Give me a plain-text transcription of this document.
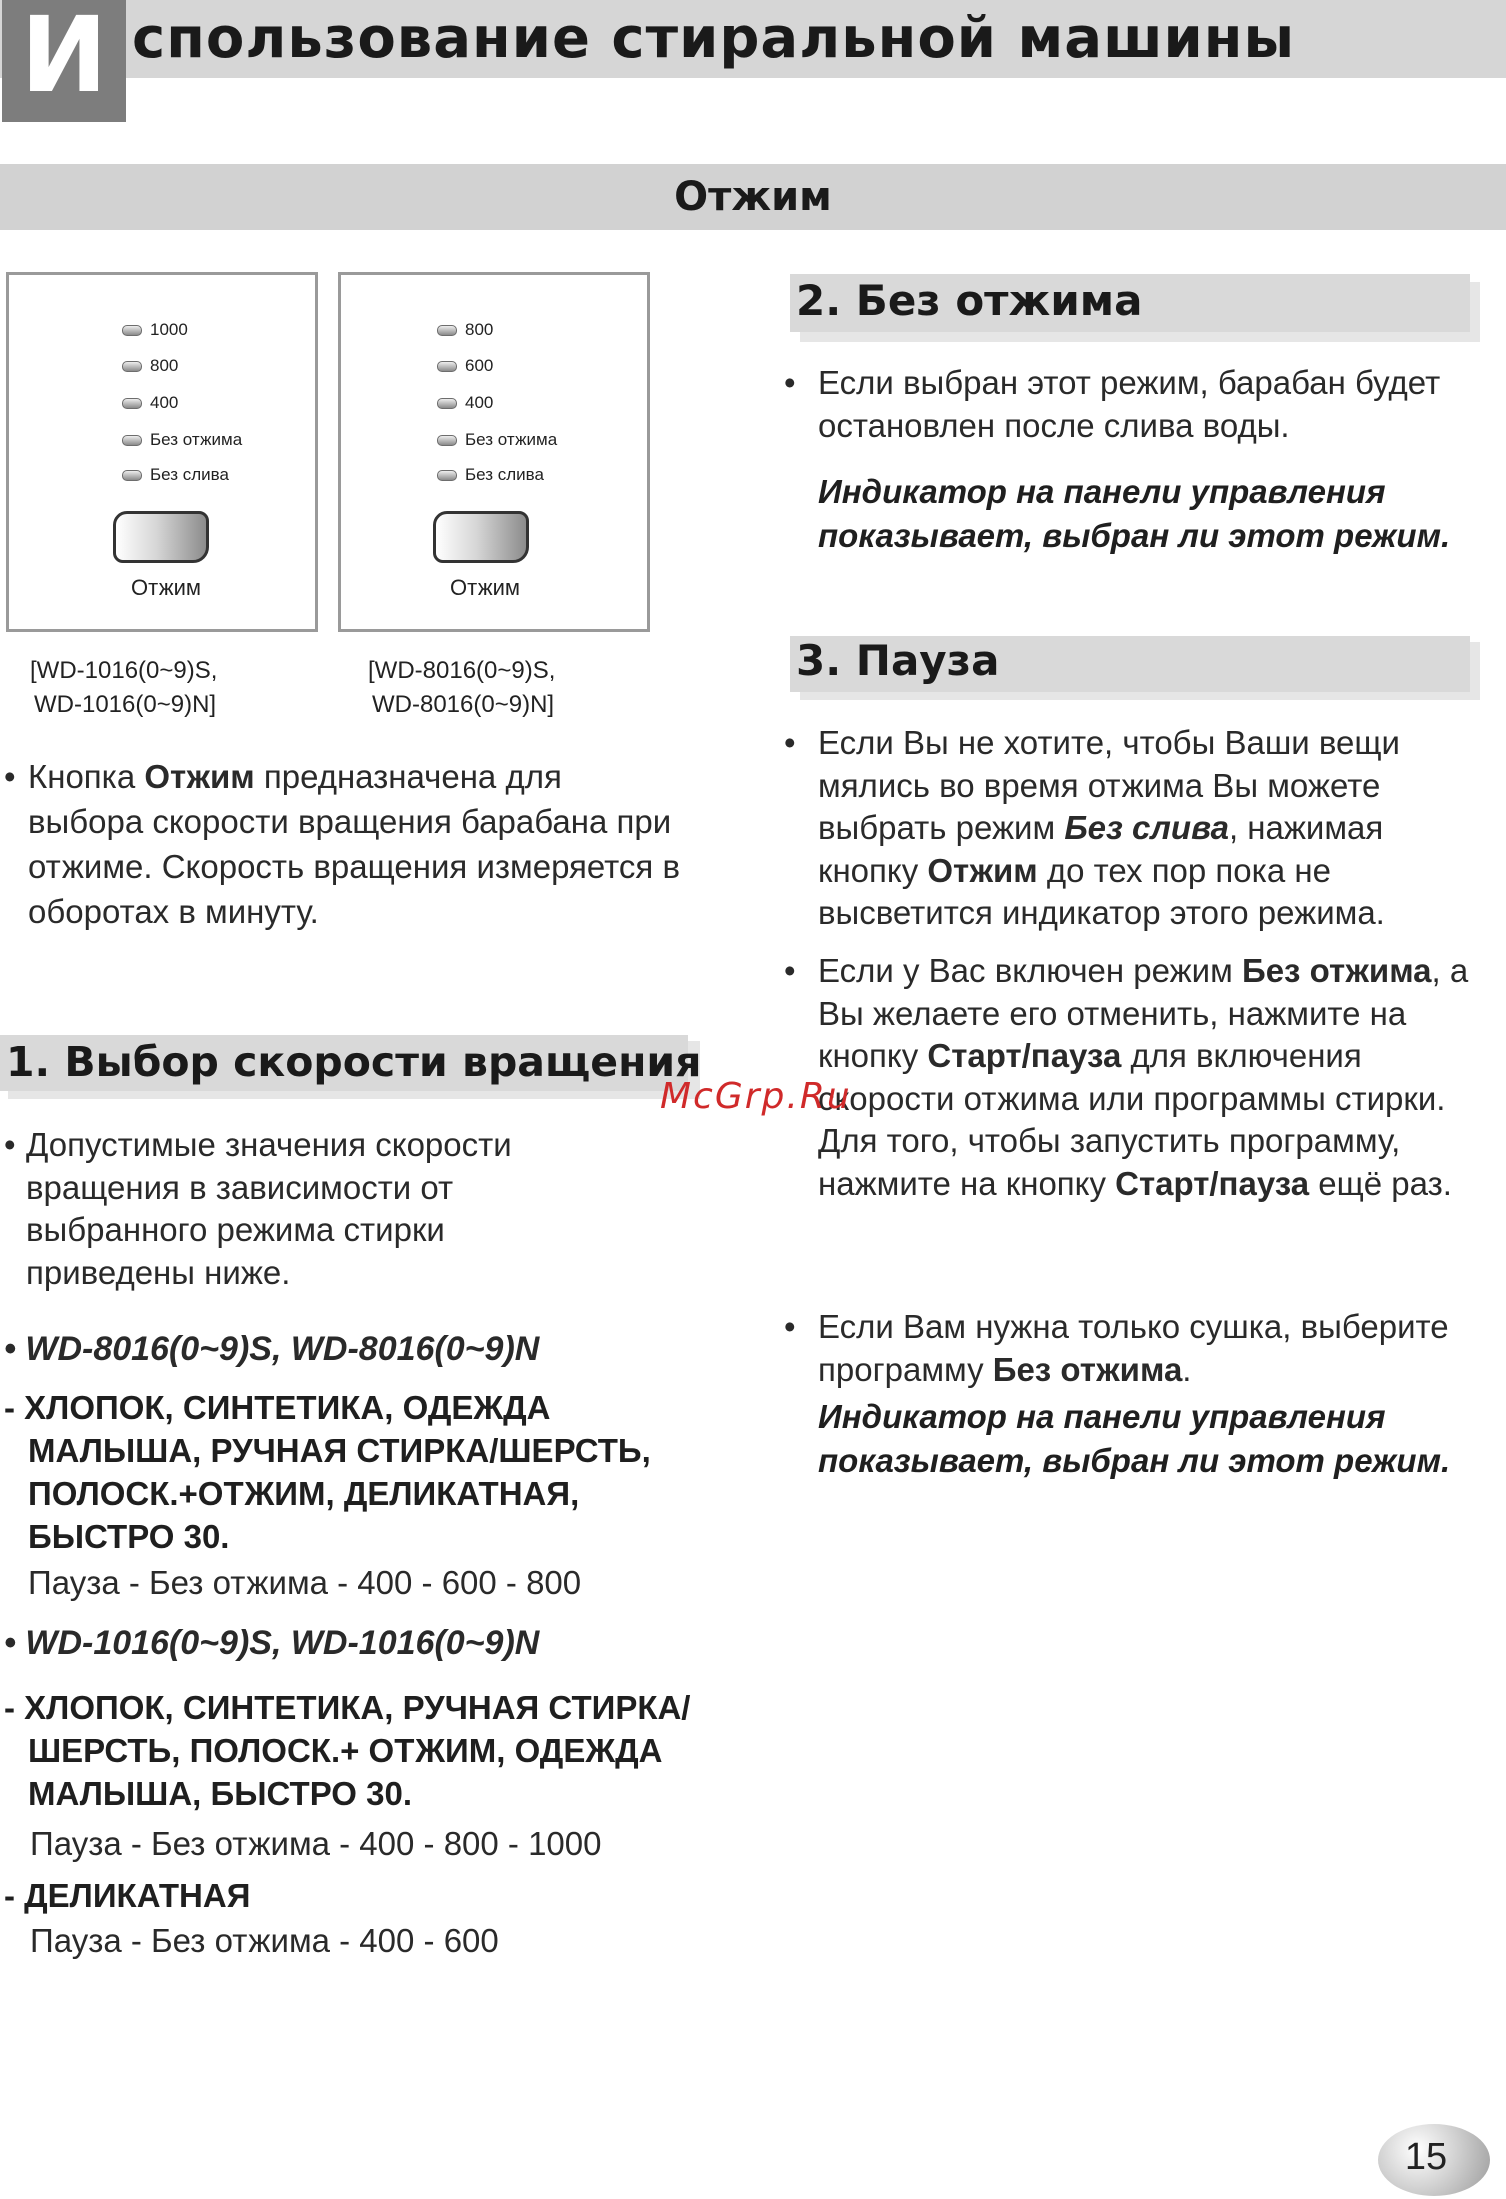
И спользование стиральной машины
Отжим
1000
800
400
Без отжима
Без слива
Отжим
[WD-1016(0~9)S,
WD-1016(0~9)N]
800
600
400
Без отжима
Без слива
Отжим
[WD-8016(0~9)S,
WD-8016(0~9)N]
• Кнопка Отжим предназначена для выбора скорости вращения барабана при отжиме. Скорость вращения измеряется в оборотах в минуту.
1. Выбор скорости вращения
• Допустимые значения скорости вращения в зависимости от выбранного режима стирки приведены ниже.
• WD-8016(0~9)S, WD-8016(0~9)N
- ХЛОПОК, СИНТЕТИКА, ОДЕЖДА МАЛЫША, РУЧНАЯ СТИРКА/ШЕРСТЬ, ПОЛОСК.+ОТЖИМ, ДЕЛИКАТНАЯ, БЫСТРО 30.
Пауза - Без отжима - 400 - 600 - 800
• WD-1016(0~9)S, WD-1016(0~9)N
- ХЛОПОК, СИНТЕТИКА, РУЧНАЯ СТИРКА/ШЕРСТЬ, ПОЛОСК.+ ОТЖИМ, ОДЕЖДА МАЛЫША, БЫСТРО 30.
Пауза - Без отжима - 400 - 800 - 1000
- ДЕЛИКАТНАЯ
Пауза - Без отжима - 400 - 600
2. Без отжима
• Если выбран этот режим, барабан будет остановлен после слива воды.
Индикатор на панели управления показывает, выбран ли этот режим.
3. Пауза
• Если Вы не хотите, чтобы Ваши вещи мялись во время отжима Вы можете выбрать режим Без слива, нажимая кнопку Отжим до тех пор пока не высветится индикатор этого режима.
• Если у Вас включен режим Без отжима, а Вы желаете его отменить, нажмите на кнопку Старт/пауза для включения скорости отжима или программы стирки.
Для того, чтобы запустить программу, нажмите на кнопку Старт/пауза ещё раз.
• Если Вам нужна только сушка, выберите программу Без отжима.
Индикатор на панели управления показывает, выбран ли этот режим.
McGrp.Ru
15
